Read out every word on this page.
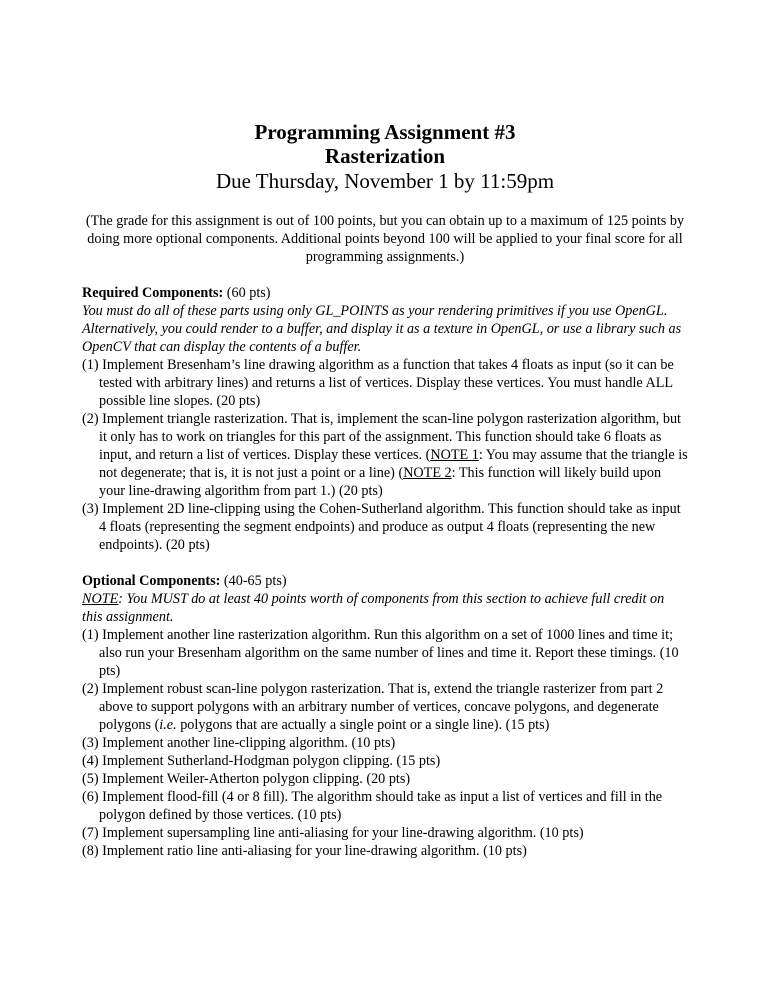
Programming Assignment #3
Rasterization
Due Thursday, November 1 by 11:59pm
(The grade for this assignment is out of 100 points, but you can obtain up to a maximum of 125 points by doing more optional components. Additional points beyond 100 will be applied to your final score for all programming assignments.)
Required Components: (60 pts)
You must do all of these parts using only GL_POINTS as your rendering primitives if you use OpenGL. Alternatively, you could render to a buffer, and display it as a texture in OpenGL, or use a library such as OpenCV that can display the contents of a buffer.
(1) Implement Bresenham’s line drawing algorithm as a function that takes 4 floats as input (so it can be tested with arbitrary lines) and returns a list of vertices. Display these vertices. You must handle ALL possible line slopes. (20 pts)
(2) Implement triangle rasterization. That is, implement the scan-line polygon rasterization algorithm, but it only has to work on triangles for this part of the assignment. This function should take 6 floats as input, and return a list of vertices. Display these vertices. (NOTE 1: You may assume that the triangle is not degenerate; that is, it is not just a point or a line) (NOTE 2: This function will likely build upon your line-drawing algorithm from part 1.) (20 pts)
(3) Implement 2D line-clipping using the Cohen-Sutherland algorithm. This function should take as input 4 floats (representing the segment endpoints) and produce as output 4 floats (representing the new endpoints). (20 pts)
Optional Components: (40-65 pts)
NOTE: You MUST do at least 40 points worth of components from this section to achieve full credit on this assignment.
(1) Implement another line rasterization algorithm. Run this algorithm on a set of 1000 lines and time it; also run your Bresenham algorithm on the same number of lines and time it. Report these timings. (10 pts)
(2) Implement robust scan-line polygon rasterization. That is, extend the triangle rasterizer from part 2 above to support polygons with an arbitrary number of vertices, concave polygons, and degenerate polygons (i.e. polygons that are actually a single point or a single line). (15 pts)
(3) Implement another line-clipping algorithm. (10 pts)
(4) Implement Sutherland-Hodgman polygon clipping. (15 pts)
(5) Implement Weiler-Atherton polygon clipping. (20 pts)
(6) Implement flood-fill (4 or 8 fill). The algorithm should take as input a list of vertices and fill in the polygon defined by those vertices. (10 pts)
(7) Implement supersampling line anti-aliasing for your line-drawing algorithm. (10 pts)
(8) Implement ratio line anti-aliasing for your line-drawing algorithm. (10 pts)
